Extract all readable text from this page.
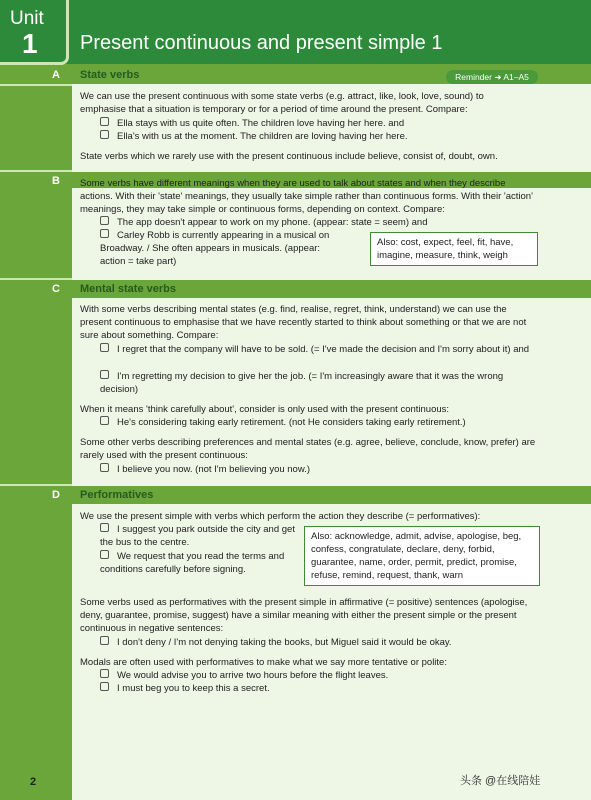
Unit
1 Present continuous and present simple 1
A State verbs	Reminder ➜ A1–A5
We can use the present continuous with some state verbs (e.g. attract, like, look, love, sound) to emphasise that a situation is temporary or for a period of time around the present. Compare:
Ella stays with us quite often. The children love having her here. and
Ella's with us at the moment. The children are loving having her here.
State verbs which we rarely use with the present continuous include believe, consist of, doubt, own.
B Some verbs have different meanings when they are used to talk about states and when they describe actions. With their 'state' meanings, they usually take simple rather than continuous forms. With their 'action' meanings, they may take simple or continuous forms, depending on context. Compare:
The app doesn't appear to work on my phone. (appear: state = seem) and
Carley Robb is currently appearing in a musical on Broadway. / She often appears in musicals. (appear: action = take part)
Also: cost, expect, feel, fit, have, imagine, measure, think, weigh
C Mental state verbs
With some verbs describing mental states (e.g. find, realise, regret, think, understand) we can use the present continuous to emphasise that we have recently started to think about something or that we are not sure about something. Compare:
I regret that the company will have to be sold. (= I've made the decision and I'm sorry about it) and
I'm regretting my decision to give her the job. (= I'm increasingly aware that it was the wrong decision)
When it means 'think carefully about', consider is only used with the present continuous:
He's considering taking early retirement. (not He considers taking early retirement.)
Some other verbs describing preferences and mental states (e.g. agree, believe, conclude, know, prefer) are rarely used with the present continuous:
I believe you now. (not I'm believing you now.)
D Performatives
We use the present simple with verbs which perform the action they describe (= performatives):
I suggest you park outside the city and get the bus to the centre.
We request that you read the terms and conditions carefully before signing.
Also: acknowledge, admit, advise, apologise, beg, confess, congratulate, declare, deny, forbid, guarantee, name, order, permit, predict, promise, refuse, remind, request, thank, warn
Some verbs used as performatives with the present simple in affirmative (= positive) sentences (apologise, deny, guarantee, promise, suggest) have a similar meaning with either the present simple or the present continuous in negative sentences:
I don't deny / I'm not denying taking the books, but Miguel said it would be okay.
Modals are often used with performatives to make what we say more tentative or polite:
We would advise you to arrive two hours before the flight leaves.
I must beg you to keep this a secret.
2	头条 @在线陪娃
